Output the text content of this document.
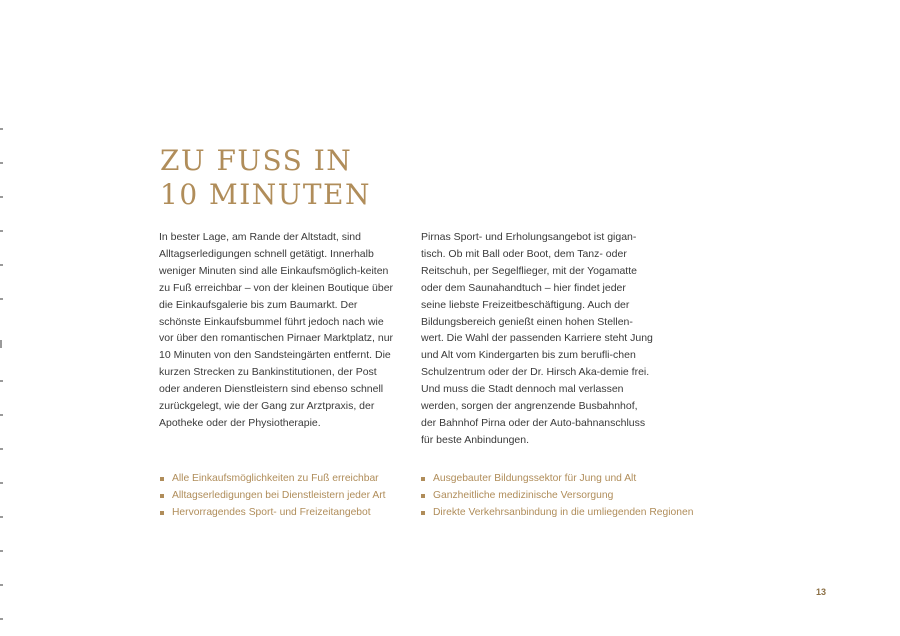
ZU FUSS IN
10 MINUTEN

In bester Lage, am Rande der Altstadt, sind Alltagserledigungen schnell getätigt. Innerhalb weniger Minuten sind alle Einkaufsmöglich-keiten zu Fuß erreichbar – von der kleinen Boutique über die Einkaufsgalerie bis zum Baumarkt. Der schönste Einkaufsbummel führt jedoch nach wie vor über den romantischen Pirnaer Marktplatz, nur 10 Minuten von den Sandsteingärten entfernt. Die kurzen Strecken zu Bankinstitutionen, der Post oder anderen Dienstleistern sind ebenso schnell zurückgelegt, wie der Gang zur Arztpraxis, der Apotheke oder der Physiotherapie.

Pirnas Sport- und Erholungsangebot ist gigan-tisch. Ob mit Ball oder Boot, dem Tanz- oder Reitschuh, per Segelflieger, mit der Yogamatte oder dem Saunahandtuch – hier findet jeder seine liebste Freizeitbeschäftigung. Auch der Bildungsbereich genießt einen hohen Stellen-wert. Die Wahl der passenden Karriere steht Jung und Alt vom Kindergarten bis zum berufli-chen Schulzentrum oder der Dr. Hirsch Aka-demie frei. Und muss die Stadt dennoch mal verlassen werden, sorgen der angrenzende Busbahnhof, der Bahnhof Pirna oder der Auto-bahnanschluss für beste Anbindungen.

Alle Einkaufsmöglichkeiten zu Fuß erreichbar
Alltagserledigungen bei Dienstleistern jeder Art
Hervorragendes Sport- und Freizeitangebot
Ausgebauter Bildungssektor für Jung und Alt
Ganzheitliche medizinische Versorgung
Direkte Verkehrsanbindung in die umliegenden Regionen
13
